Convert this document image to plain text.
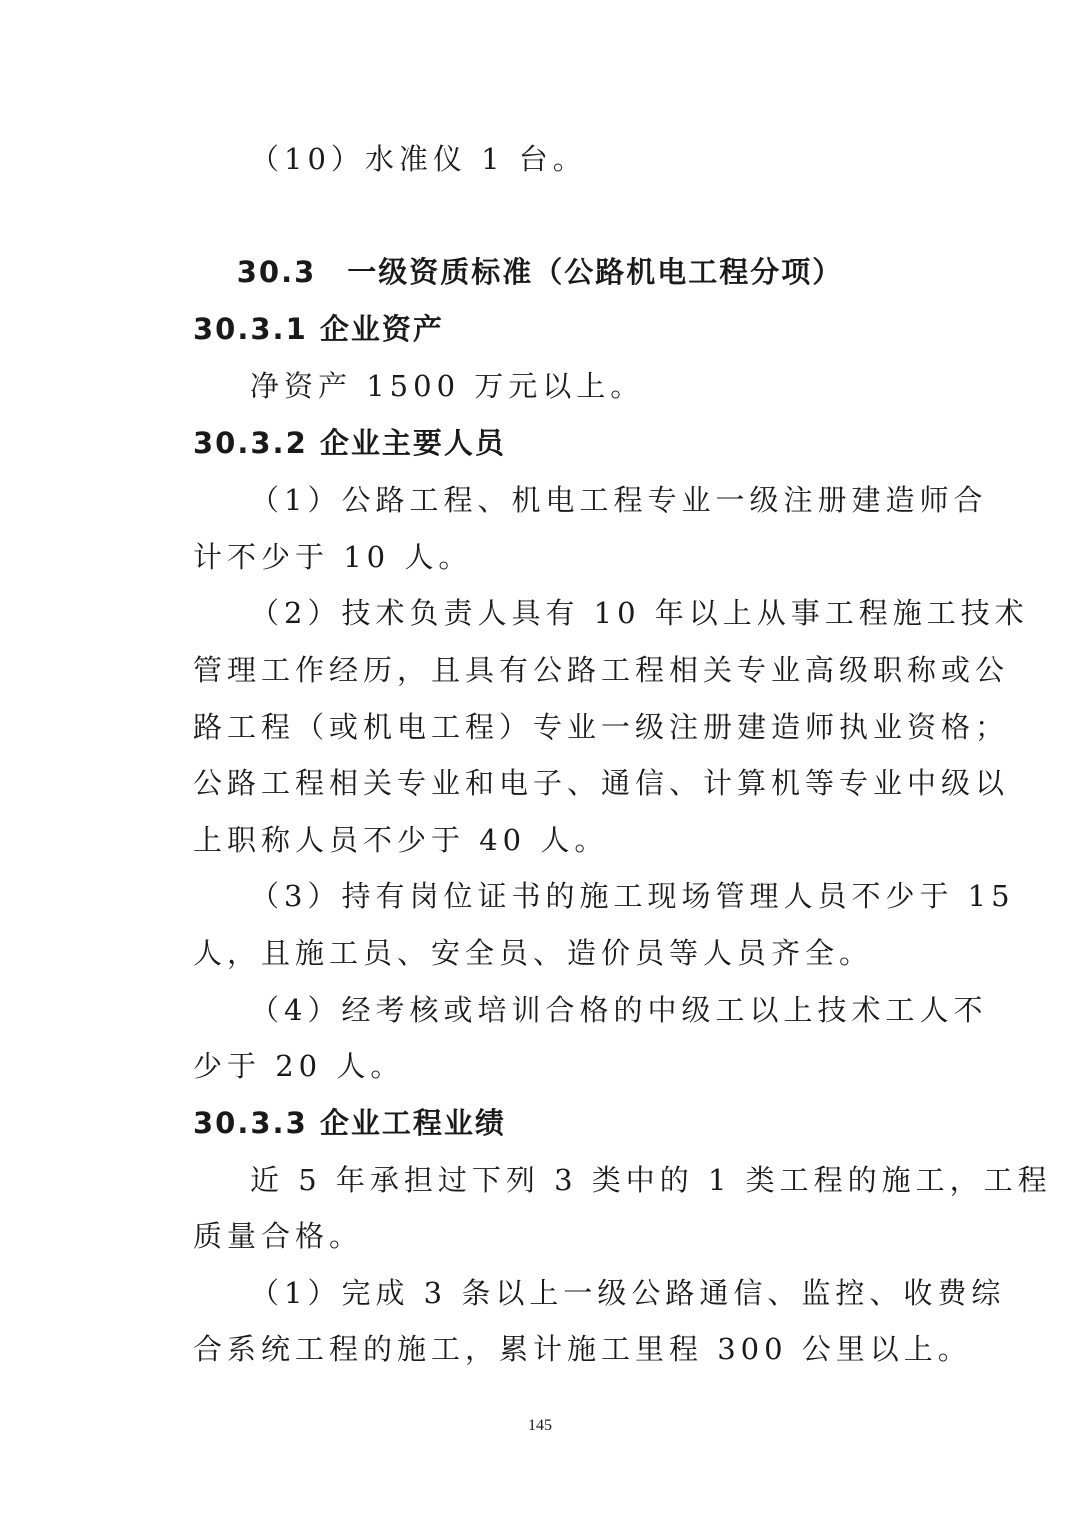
（10）水准仪 1 台。
30.3　一级资质标准（公路机电工程分项）
30.3.1 企业资产
净资产 1500 万元以上。
30.3.2 企业主要人员
（1）公路工程、机电工程专业一级注册建造师合
计不少于 10 人。
（2）技术负责人具有 10 年以上从事工程施工技术
管理工作经历，且具有公路工程相关专业高级职称或公
路工程（或机电工程）专业一级注册建造师执业资格；
公路工程相关专业和电子、通信、计算机等专业中级以
上职称人员不少于 40 人。
（3）持有岗位证书的施工现场管理人员不少于 15
人，且施工员、安全员、造价员等人员齐全。
（4）经考核或培训合格的中级工以上技术工人不
少于 20 人。
30.3.3 企业工程业绩
近 5 年承担过下列 3 类中的 1 类工程的施工，工程
质量合格。
（1）完成 3 条以上一级公路通信、监控、收费综
合系统工程的施工，累计施工里程 300 公里以上。
145
